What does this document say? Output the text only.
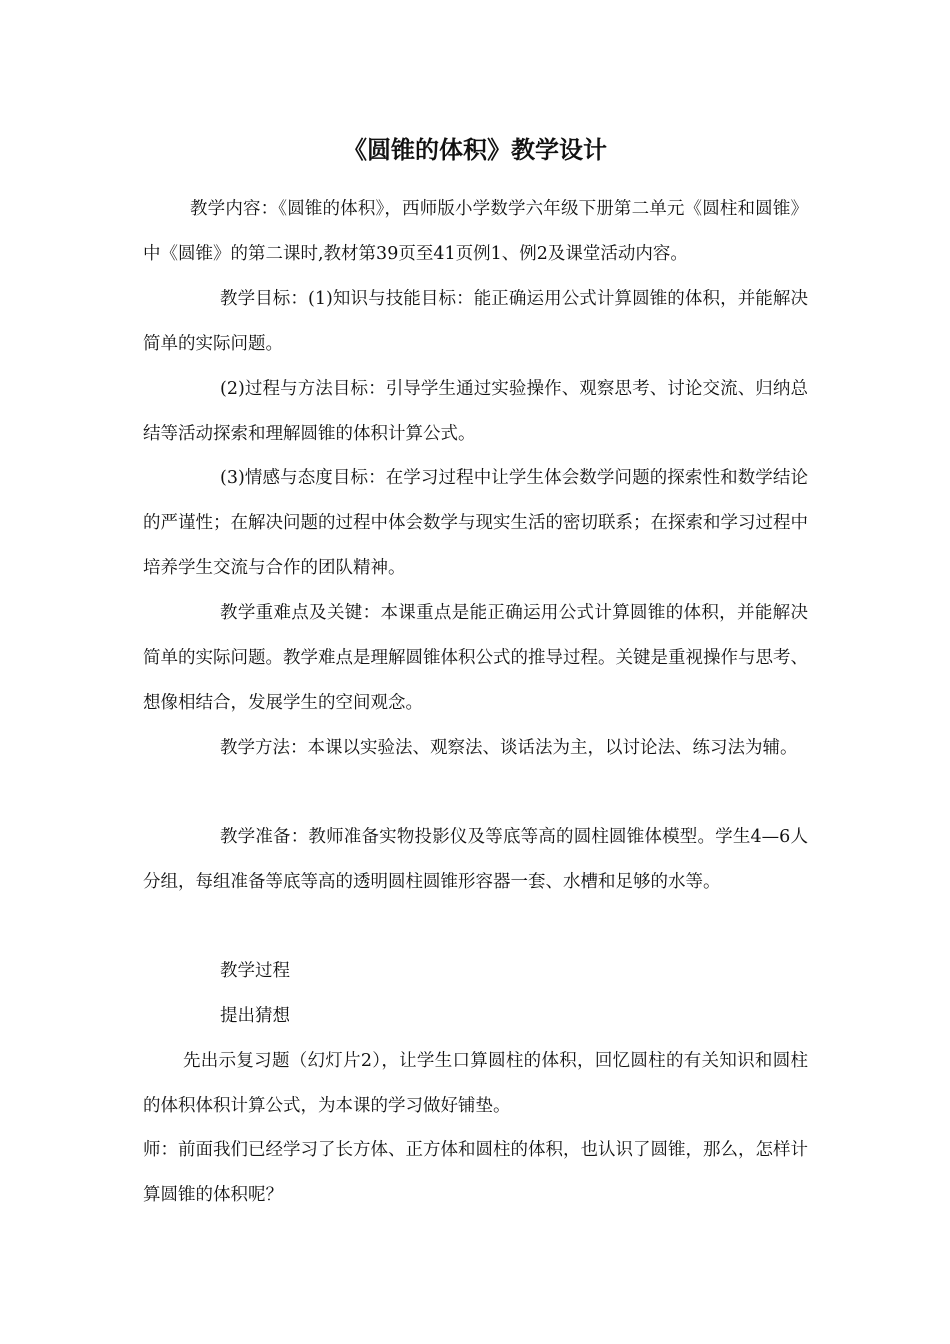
《圆锥的体积》教学设计

教学内容：《圆锥的体积》，西师版小学数学六年级下册第二单元《圆柱和圆锥》中《圆锥》的第二课时,教材第39页至41页例1、例2及课堂活动内容。

教学目标：(1)知识与技能目标：能正确运用公式计算圆锥的体积，并能解决简单的实际问题。

(2)过程与方法目标：引导学生通过实验操作、观察思考、讨论交流、归纳总结等活动探索和理解圆锥的体积计算公式。

(3)情感与态度目标：在学习过程中让学生体会数学问题的探索性和数学结论的严谨性；在解决问题的过程中体会数学与现实生活的密切联系；在探索和学习过程中培养学生交流与合作的团队精神。

教学重难点及关键：本课重点是能正确运用公式计算圆锥的体积，并能解决简单的实际问题。教学难点是理解圆锥体积公式的推导过程。关键是重视操作与思考、想像相结合，发展学生的空间观念。

教学方法：本课以实验法、观察法、谈话法为主，以讨论法、练习法为辅。

教学准备：教师准备实物投影仪及等底等高的圆柱圆锥体模型。学生4—6人分组，每组准备等底等高的透明圆柱圆锥形容器一套、水槽和足够的水等。

教学过程

提出猜想

先出示复习题（幻灯片2），让学生口算圆柱的体积，回忆圆柱的有关知识和圆柱的体积体积计算公式，为本课的学习做好铺垫。

师：前面我们已经学习了长方体、正方体和圆柱的体积，也认识了圆锥，那么，怎样计算圆锥的体积呢？
